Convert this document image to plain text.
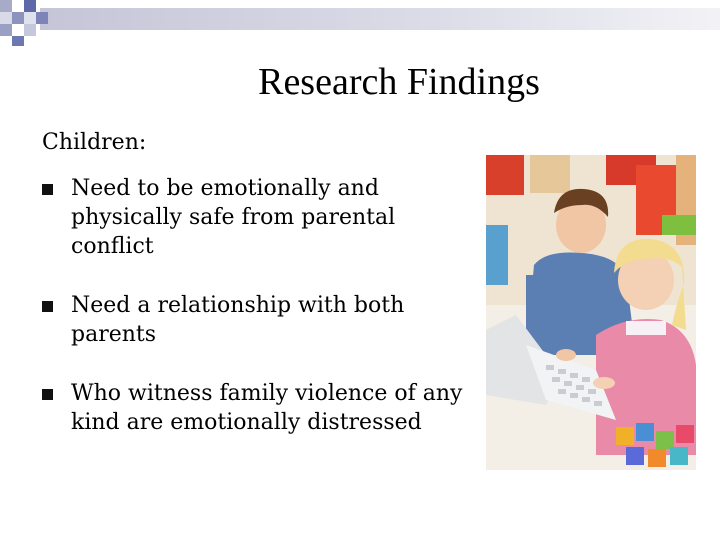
Research Findings
Children:
Need to be emotionally and physically safe from parental conflict
Need a relationship with both parents
Who witness family violence of any kind are emotionally distressed
